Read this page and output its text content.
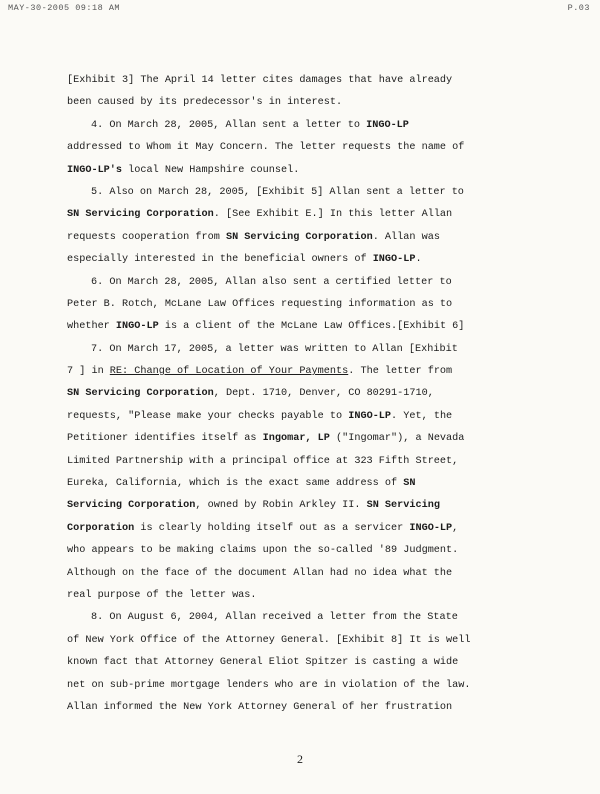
MAY-30-2005 09:18 AM	P.03
[Exhibit 3] The April 14 letter cites damages that have already
been caused by its predecessor's in interest.
4. On March 28, 2005, Allan sent a letter to INGO-LP
addressed to Whom it May Concern. The letter requests the name of
INGO-LP's local New Hampshire counsel.
5. Also on March 28, 2005, [Exhibit 5] Allan sent a letter to
SN Servicing Corporation. [See Exhibit E.] In this letter Allan
requests cooperation from SN Servicing Corporation. Allan was
especially interested in the beneficial owners of INGO-LP.
6. On March 28, 2005, Allan also sent a certified letter to
Peter B. Rotch, McLane Law Offices requesting information as to
whether INGO-LP is a client of the McLane Law Offices.[Exhibit 6]
7. On March 17, 2005, a letter was written to Allan [Exhibit
7 ] in RE: Change of Location of Your Payments. The letter from
SN Servicing Corporation, Dept. 1710, Denver, CO 80291-1710,
requests, "Please make your checks payable to INGO-LP. Yet, the
Petitioner identifies itself as Ingomar, LP ("Ingomar"), a Nevada
Limited Partnership with a principal office at 323 Fifth Street,
Eureka, California, which is the exact same address of SN
Servicing Corporation, owned by Robin Arkley II. SN Servicing
Corporation is clearly holding itself out as a servicer INGO-LP,
who appears to be making claims upon the so-called '89 Judgment.
Although on the face of the document Allan had no idea what the
real purpose of the letter was.
8. On August 6, 2004, Allan received a letter from the State
of New York Office of the Attorney General. [Exhibit 8] It is well
known fact that Attorney General Eliot Spitzer is casting a wide
net on sub-prime mortgage lenders who are in violation of the law.
Allan informed the New York Attorney General of her frustration
2
